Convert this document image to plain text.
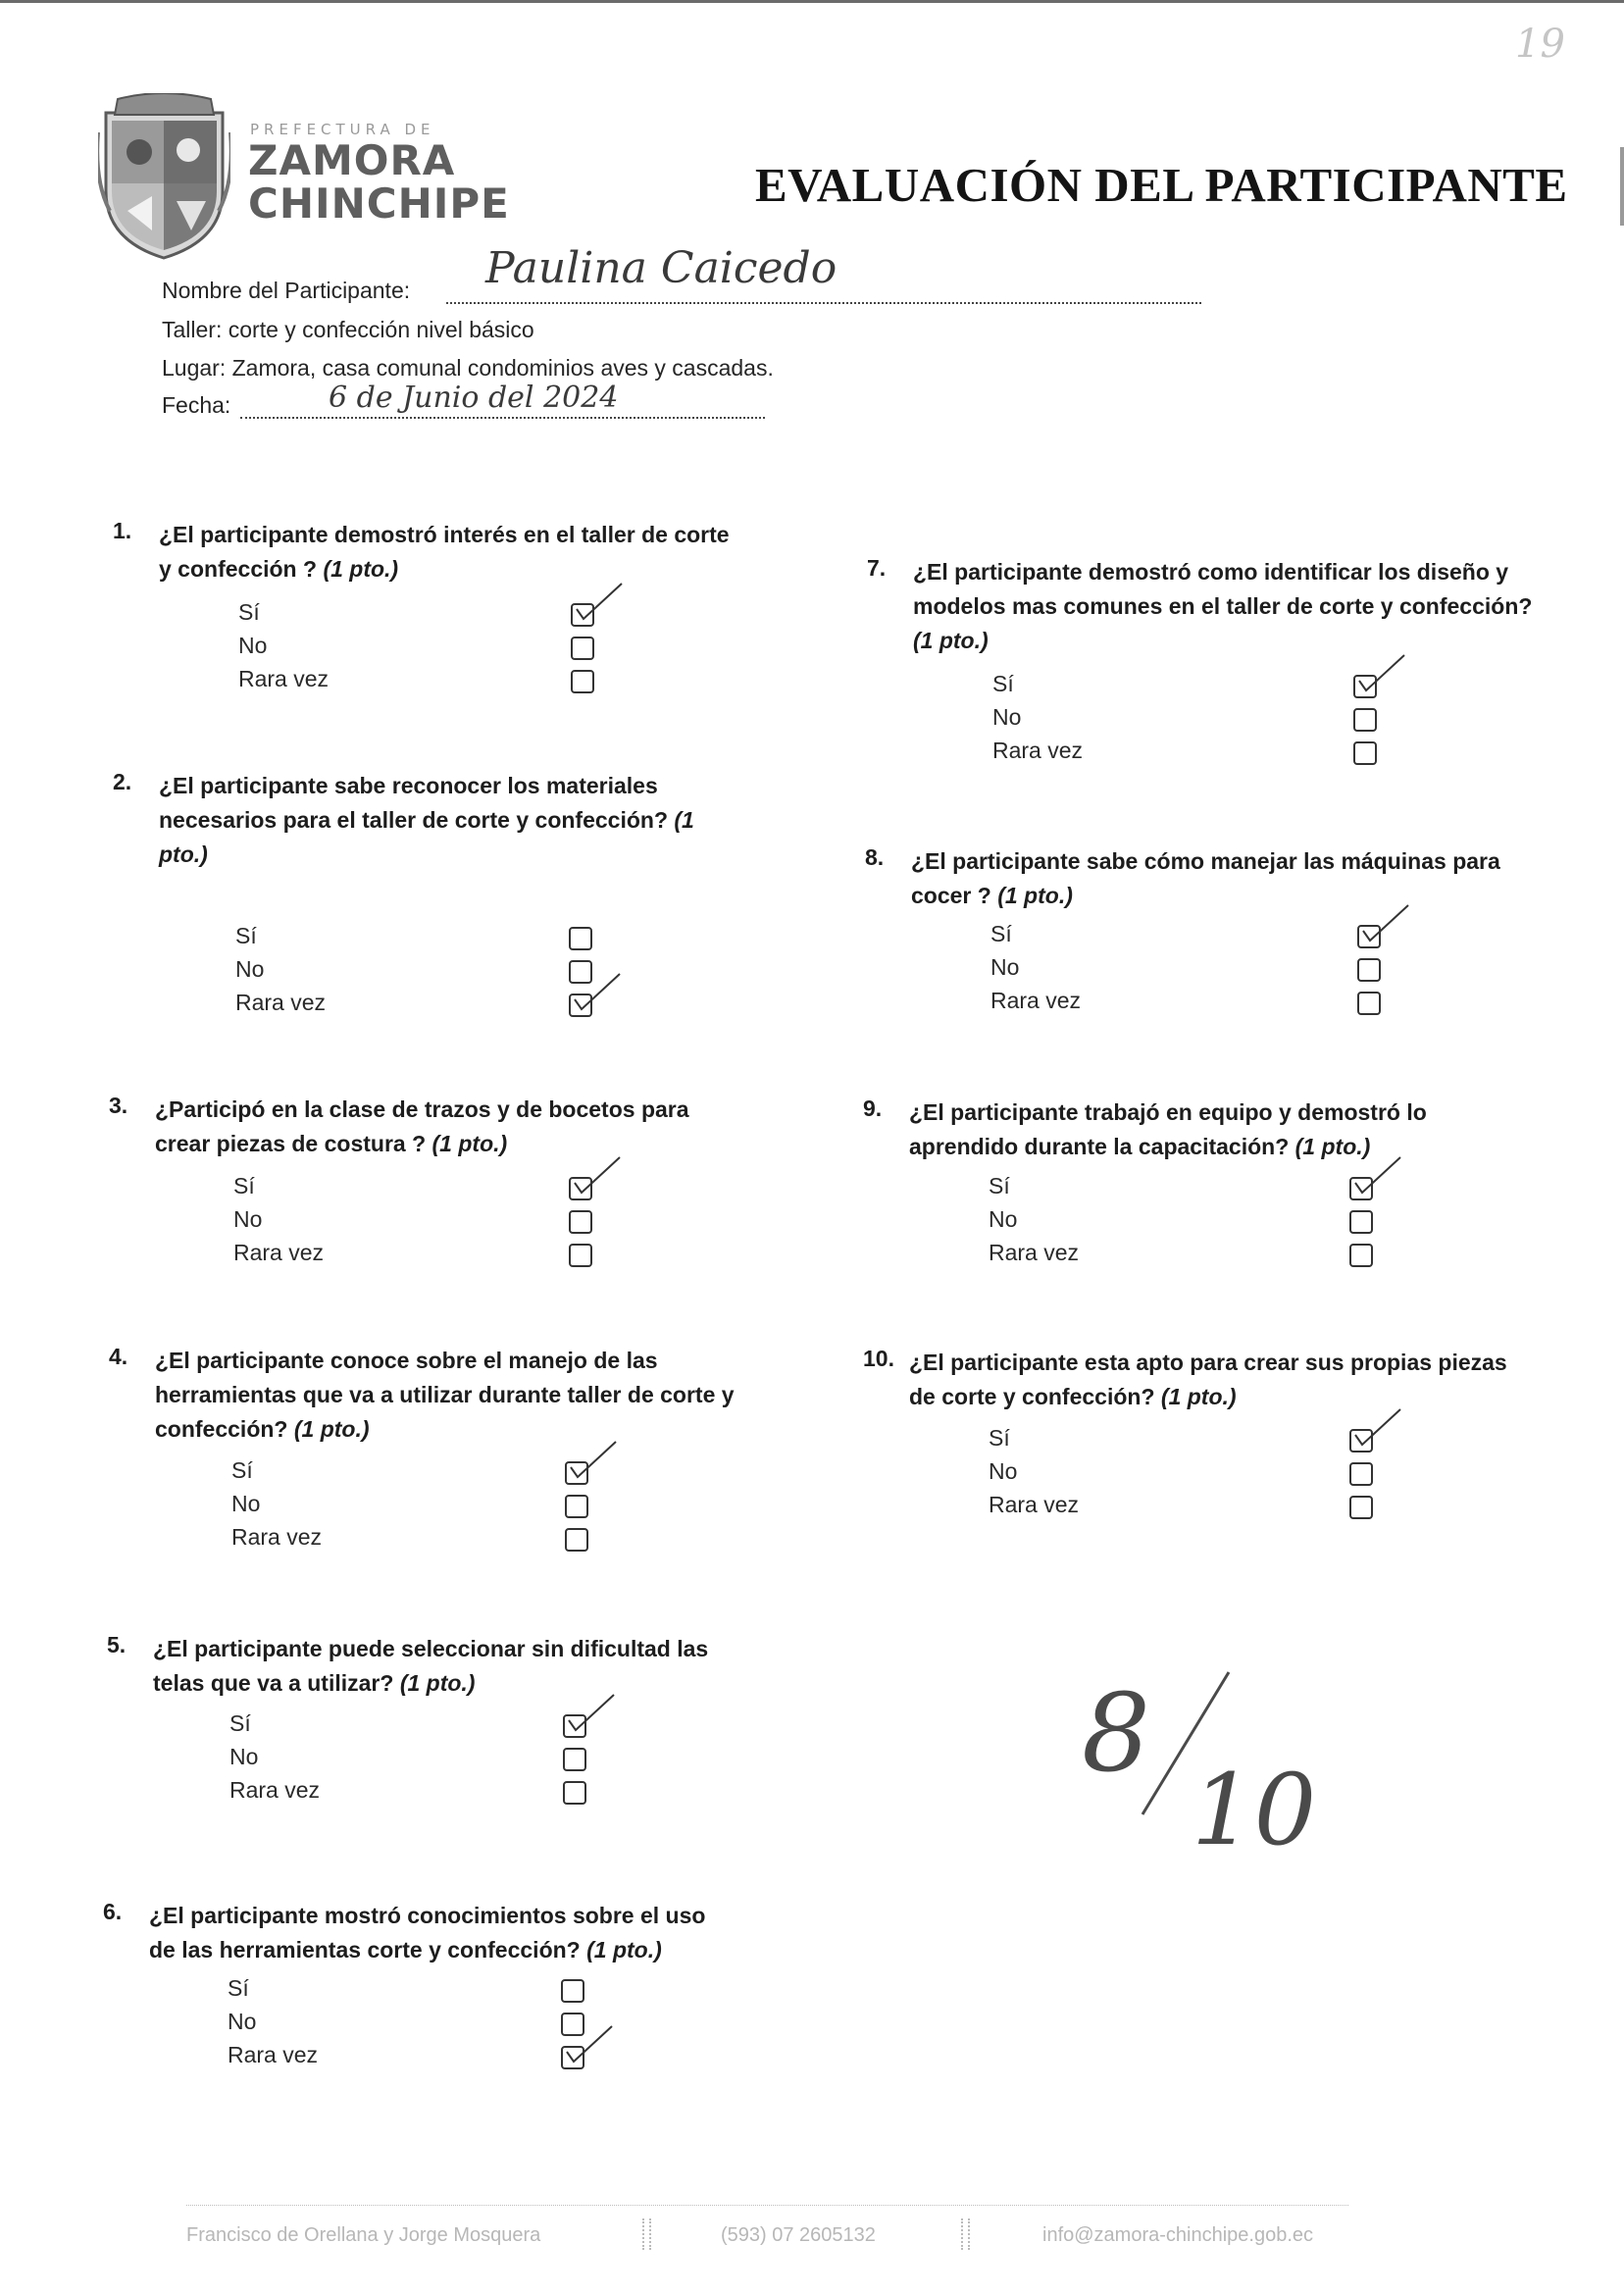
19
PREFECTURA DE
ZAMORA
CHINCHIPE	EVALUACIÓN DEL PARTICIPANTE
Nombre del Participante: Paulina Caicedo
Taller: corte y confección nivel básico
Lugar: Zamora, casa comunal condominios aves y cascadas.
Fecha:	6 de Junio del 2024
1. ¿El participante demostró interés en el taller de corte y confección ? (1 pto.)
Sí
No
Rara vez
2. ¿El participante sabe reconocer los materiales necesarios para el taller de corte y confección? (1 pto.)
Sí
No
Rara vez
3. ¿Participó en la clase de trazos y de bocetos para crear piezas de costura ? (1 pto.)
Sí
No
Rara vez
4. ¿El participante conoce sobre el manejo de las herramientas que va a utilizar durante taller de corte y confección? (1 pto.)
Sí
No
Rara vez
5. ¿El participante puede seleccionar sin dificultad las telas que va a utilizar? (1 pto.)
Sí
No
Rara vez
6. ¿El participante mostró conocimientos sobre el uso de las herramientas corte y confección? (1 pto.)
Sí
No
Rara vez
7. ¿El participante demostró como identificar los diseño y modelos mas comunes en el taller de corte y confección? (1 pto.)
Sí
No
Rara vez
8. ¿El participante sabe cómo manejar las máquinas para cocer ? (1 pto.)
Sí
No
Rara vez
9. ¿El participante trabajó en equipo y demostró lo aprendido durante la capacitación? (1 pto.)
Sí
No
Rara vez
10. ¿El participante esta apto para crear sus propias piezas de corte y confección? (1 pto.)
Sí
No
Rara vez
8
10
Francisco de Orellana y Jorge Mosquera	(593) 07 2605132	info@zamora-chinchipe.gob.ec
